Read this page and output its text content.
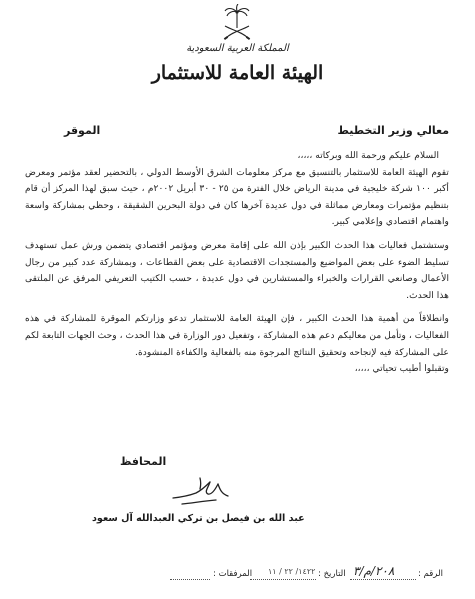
المملكة العربية السعودية
الهيئة العامة للاستثمار
معالي وزير التخطيط
الموقر

السلام عليكم ورحمة الله وبركاته ،،،،،

تقوم الهيئة العامة للاستثمار بالتنسيق مع مركز معلومات الشرق الأوسط الدولي ، بالتحضير لعقد مؤتمر ومعرض أكبر ١٠٠ شركة خليجية في مدينة الرياض خلال الفترة من ٢٥ - ٣٠ أبريل ٢٠٠٢م ، حيث سبق لهذا المركز أن قام بتنظيم مؤتمرات ومعارض مماثلة في دول عديدة آخرها كان في دولة البحرين الشقيقة ، وحظي بمشاركة واسعة واهتمام اقتصادي وإعلامي كبير.

وستشتمل فعاليات هذا الحدث الكبير بإذن الله على إقامة معرض ومؤتمر اقتصادي يتضمن ورش عمل تستهدف تسليط الضوء على بعض المواضيع والمستجدات الاقتصادية على بعض القطاعات ، وبمشاركة عدد كبير من رجال الأعمال وصانعي القرارات والخبراء والمستشارين في دول عديدة ، حسب الكتيب التعريفي المرفق عن الملتقى هذا الحدث.

وانطلاقاً من أهمية هذا الحدث الكبير ، فإن الهيئة العامة للاستثمار تدعو وزارتكم الموقرة للمشاركة في هذه الفعاليات ، وتأمل من معاليكم دعم هذه المشاركة ، وتفعيل دور الوزارة في هذا الحدث ، وحث الجهات التابعة لكم على المشاركة فيه لإنجاحه وتحقيق النتائج المرجوة منه بالفعالية والكفاءة المنشودة.

وتقبلوا أطيب تحياتي ،،،،،

المحافظ
عبد الله بن فيصل بن تركي العبدالله آل سعود
الرقم :
٢٠٨/م/٣
التاريخ :
١٤٢٢/ ٢٢ / ١١
المرفقات :
